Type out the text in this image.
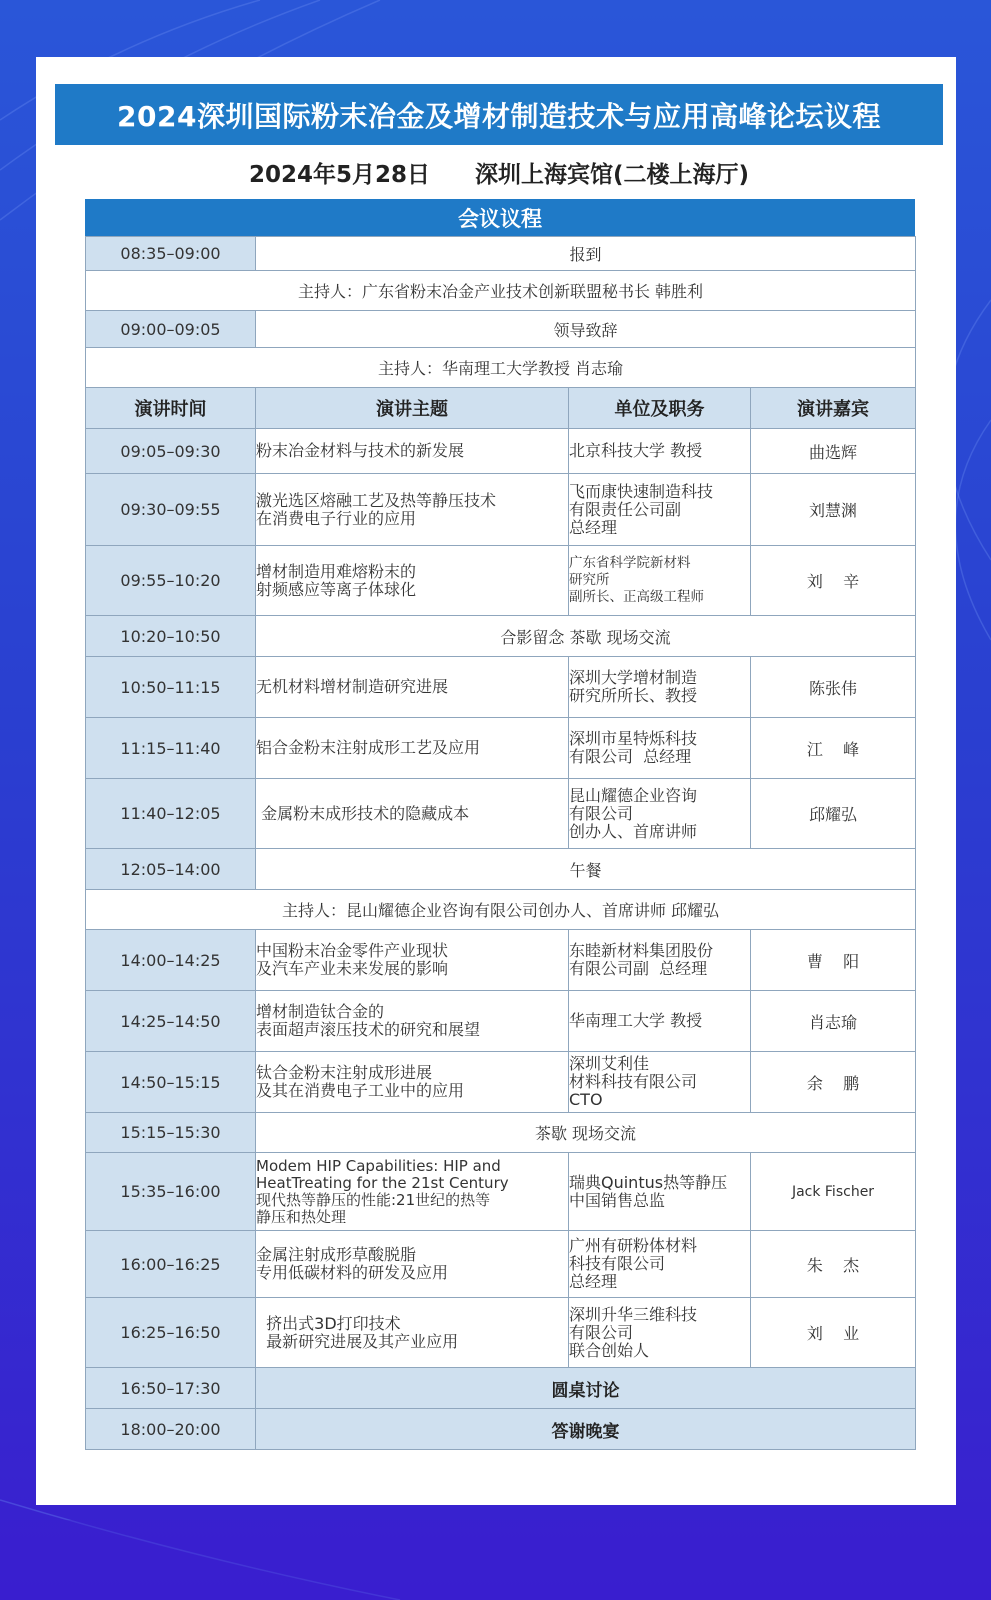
2024深圳国际粉末冶金及增材制造技术与应用高峰论坛议程
2024年5月28日 深圳上海宾馆(二楼上海厅)
会议议程
08:35–09:00	报到		
主持人：广东省粉末冶金产业技术创新联盟秘书长 韩胜利			
09:00–09:05	领导致辞		
主持人：华南理工大学教授 肖志瑜			
演讲时间	演讲主题	单位及职务	演讲嘉宾
09:05–09:30	粉末冶金材料与技术的新发展	北京科技大学 教授	曲选辉
09:30–09:55	激光选区熔融工艺及热等静压技术
在消费电子行业的应用	飞而康快速制造科技
有限责任公司副
总经理	刘慧渊
09:55–10:20	增材制造用难熔粉末的
射频感应等离子体球化	广东省科学院新材料
研究所
副所长、正高级工程师	刘    辛
10:20–10:50	合影留念 茶歇 现场交流		
10:50–11:15	无机材料增材制造研究进展	深圳大学增材制造
研究所所长、教授	陈张伟
11:15–11:40	铝合金粉末注射成形工艺及应用	深圳市星特烁科技
有限公司  总经理	江    峰
11:40–12:05	金属粉末成形技术的隐藏成本	昆山耀德企业咨询
有限公司
创办人、首席讲师	邱耀弘
12:05–14:00	午餐		
主持人：昆山耀德企业咨询有限公司创办人、首席讲师 邱耀弘			
14:00–14:25	中国粉末冶金零件产业现状
及汽车产业未来发展的影响	东睦新材料集团股份
有限公司副  总经理	曹    阳
14:25–14:50	增材制造钛合金的
表面超声滚压技术的研究和展望	华南理工大学 教授	肖志瑜
14:50–15:15	钛合金粉末注射成形进展
及其在消费电子工业中的应用	深圳艾利佳
材料科技有限公司
CTO	余    鹏
15:15–15:30	茶歇 现场交流		
15:35–16:00	Modem HIP Capabilities: HIP and
HeatTreating for the 21st Century
现代热等静压的性能:21世纪的热等
静压和热处理	瑞典Quintus热等静压
中国销售总监	Jack Fischer
16:00–16:25	金属注射成形草酸脱脂
专用低碳材料的研发及应用	广州有研粉体材料
科技有限公司
总经理	朱    杰
16:25–16:50	挤出式3D打印技术
最新研究进展及其产业应用	深圳升华三维科技
有限公司
联合创始人	刘    业
16:50–17:30	圆桌讨论		
18:00–20:00	答谢晚宴		
